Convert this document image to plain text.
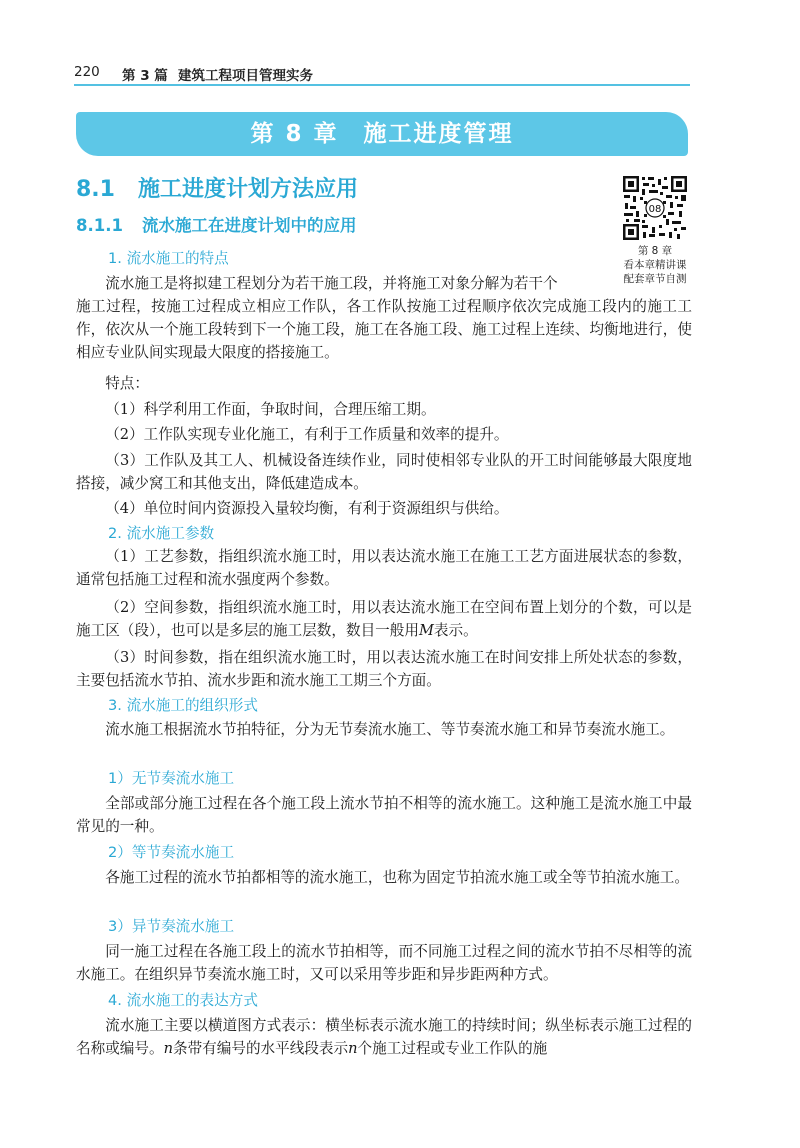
220 第 3 篇 建筑工程项目管理实务
第 8 章　施工进度管理
8.1 施工进度计划方法应用
8.1.1 流水施工在进度计划中的应用
08
第 8 章
看本章精讲课
配套章节自测
1. 流水施工的特点

流水施工是将拟建工程划分为若干施工段，并将施工对象分解为若干个

施工过程，按施工过程成立相应工作队，各工作队按施工过程顺序依次完成施工段内的施工工作，依次从一个施工段转到下一个施工段，施工在各施工段、施工过程上连续、均衡地进行，使相应专业队间实现最大限度的搭接施工。

特点：

（1）科学利用工作面，争取时间，合理压缩工期。

（2）工作队实现专业化施工，有利于工作质量和效率的提升。

（3）工作队及其工人、机械设备连续作业，同时使相邻专业队的开工时间能够最大限度地搭接，减少窝工和其他支出，降低建造成本。

（4）单位时间内资源投入量较均衡，有利于资源组织与供给。

2. 流水施工参数

（1）工艺参数，指组织流水施工时，用以表达流水施工在施工工艺方面进展状态的参数，通常包括施工过程和流水强度两个参数。

（2）空间参数，指组织流水施工时，用以表达流水施工在空间布置上划分的个数，可以是施工区（段），也可以是多层的施工层数，数目一般用M表示。

（3）时间参数，指在组织流水施工时，用以表达流水施工在时间安排上所处状态的参数，主要包括流水节拍、流水步距和流水施工工期三个方面。

3. 流水施工的组织形式

流水施工根据流水节拍特征，分为无节奏流水施工、等节奏流水施工和异节奏流水施工。

1）无节奏流水施工

全部或部分施工过程在各个施工段上流水节拍不相等的流水施工。这种施工是流水施工中最常见的一种。

2）等节奏流水施工

各施工过程的流水节拍都相等的流水施工，也称为固定节拍流水施工或全等节拍流水施工。

3）异节奏流水施工

同一施工过程在各施工段上的流水节拍相等，而不同施工过程之间的流水节拍不尽相等的流水施工。在组织异节奏流水施工时，又可以采用等步距和异步距两种方式。

4. 流水施工的表达方式

流水施工主要以横道图方式表示：横坐标表示流水施工的持续时间；纵坐标表示施工过程的名称或编号。n条带有编号的水平线段表示n个施工过程或专业工作队的施
